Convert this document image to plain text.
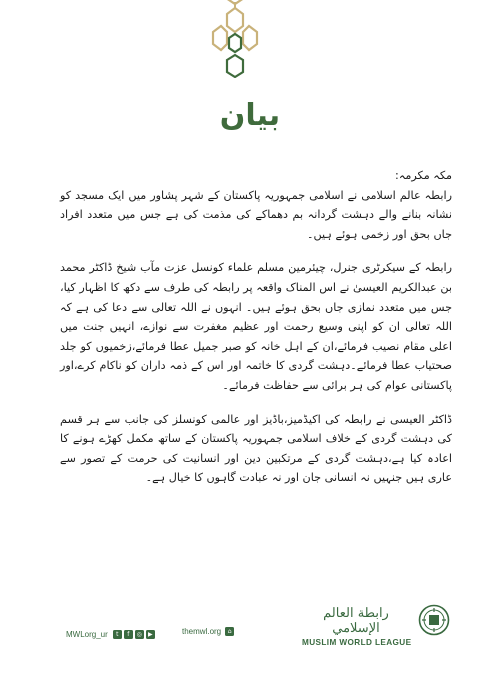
بیان

مکہ مکرمہ:

رابطہ عالم اسلامی نے اسلامی جمہوریہ پاکستان کے شہر پشاور میں ایک مسجد کو نشانہ بنانے والے دہشت گردانہ بم دھماکے کی مذمت کی ہے جس میں متعدد افراد جاں بحق اور زخمی ہوئے ہیں۔

رابطہ کے سیکرٹری جنرل، چیئرمین مسلم علماء کونسل عزت مآب شیخ ڈاکٹر محمد بن عبدالکریم العیسیٰ نے اس المناک واقعہ پر رابطہ کی طرف سے دکھ کا اظہار کیا، جس میں متعدد نمازی جاں بحق ہوئے ہیں۔ انہوں نے اللہ تعالی سے دعا کی ہے کہ اللہ تعالی ان کو اپنی وسیع رحمت اور عظیم مغفرت سے نوازے، انہیں جنت میں اعلی مقام نصیب فرمائے،ان کے اہل خانہ کو صبر جمیل عطا فرمائے،زخمیوں کو جلد صحتیاب عطا فرمائے۔دہشت گردی کا خاتمہ اور اس کے ذمہ داران کو ناکام کرے،اور پاکستانی عوام کی ہر برائی سے حفاظت فرمائے۔

ڈاکٹر العیسی نے رابطہ کی اکیڈمیز،باڈیز اور عالمی کونسلز کی جانب سے ہر قسم کی دہشت گردی کے خلاف اسلامی جمہوریہ پاکستان کے ساتھ مکمل کھڑے ہونے کا اعادہ کیا ہے،دہشت گردی کے مرتکبین دین اور انسانیت کی حرمت کے تصور سے عاری ہیں جنہیں نہ انسانی جان اور نہ عبادت گاہوں کا خیال ہے۔

MWLorg_ur	t	f	◎	▶	themwl.org	⌂
رابطة العالم الإسلامي
MUSLIM WORLD LEAGUE
